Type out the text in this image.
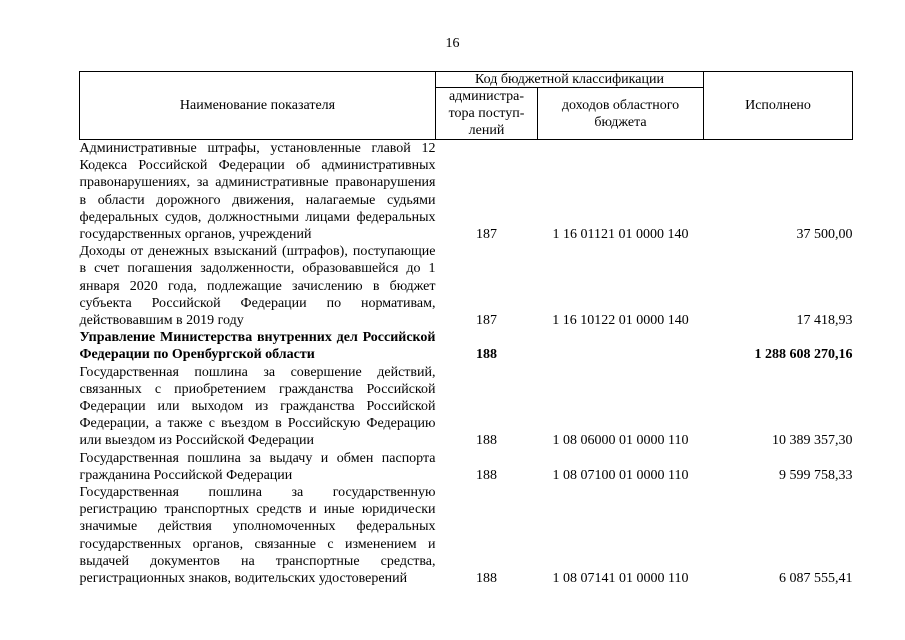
16
Наименование показателя	Код бюджетной классификации		Исполнено
	администра-тора поступ-лений	доходов областного бюджета	
Административные штрафы, установленные главой 12 Кодекса Российской Федерации об административных правонарушениях, за административные правонарушения в области дорожного движения, налагаемые судьями федеральных судов, должностными лицами федеральных государственных органов, учреждений	187	1 16 01121 01 0000 140	37 500,00
Доходы от денежных взысканий (штрафов), поступающие в счет погашения задолженности, образовавшейся до 1 января 2020 года, подлежащие зачислению в бюджет субъекта Российской Федерации по нормативам, действовавшим в 2019 году	187	1 16 10122 01 0000 140	17 418,93
Управление Министерства внутренних дел Российской Федерации по Оренбургской области	188		1 288 608 270,16
Государственная пошлина за совершение действий, связанных с приобретением гражданства Российской Федерации или выходом из гражданства Российской Федерации, а также с въездом в Российскую Федерацию или выездом из Российской Федерации	188	1 08 06000 01 0000 110	10 389 357,30
Государственная пошлина за выдачу и обмен паспорта гражданина Российской Федерации	188	1 08 07100 01 0000 110	9 599 758,33
Государственная пошлина за государственную регистрацию транспортных средств и иные юридически значимые действия уполномоченных федеральных государственных органов, связанные с изменением и выдачей документов на транспортные средства, регистрационных знаков, водительских удостоверений	188	1 08 07141 01 0000 110	6 087 555,41
